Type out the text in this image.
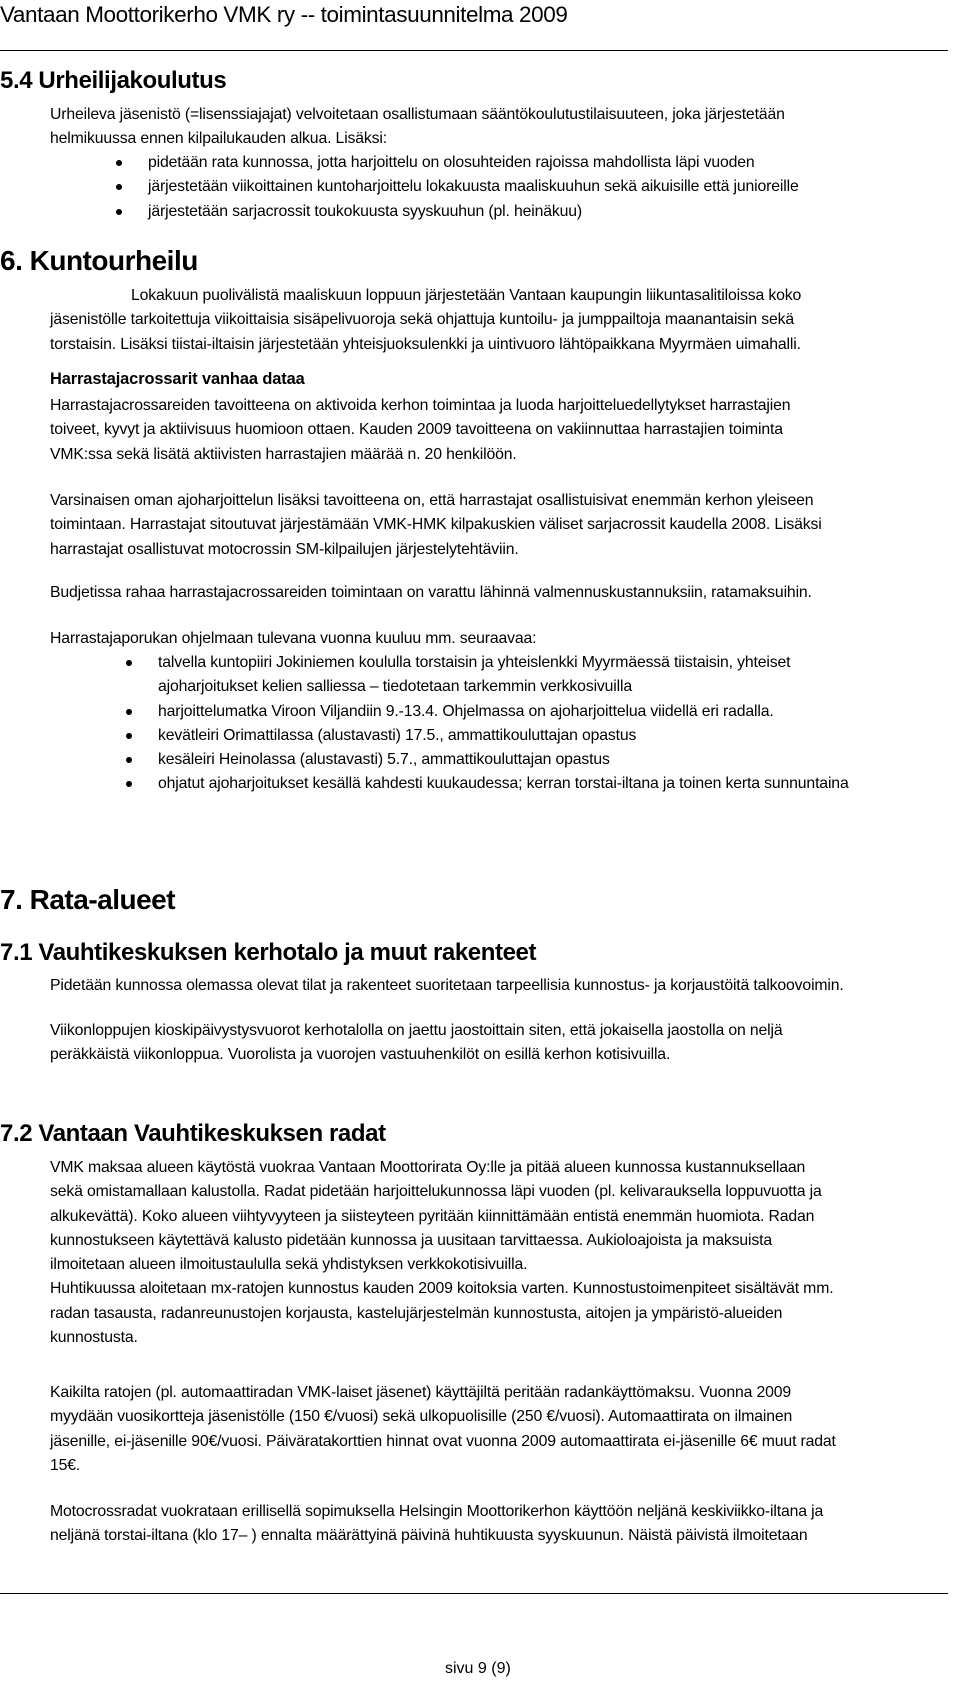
Vantaan Moottorikerho VMK ry -- toimintasuunnitelma 2009
5.4 Urheilijakoulutus
Urheileva jäsenistö (=lisenssiajajat) velvoitetaan osallistumaan sääntökoulutustilaisuuteen, joka järjestetään
helmikuussa ennen kilpailukauden alkua. Lisäksi:
pidetään rata kunnossa, jotta harjoittelu on olosuhteiden rajoissa mahdollista läpi vuoden
järjestetään viikoittainen kuntoharjoittelu lokakuusta maaliskuuhun sekä aikuisille että junioreille
järjestetään sarjacrossit toukokuusta syyskuuhun (pl. heinäkuu)
6. Kuntourheilu
Lokakuun puolivälistä maaliskuun loppuun järjestetään Vantaan kaupungin liikuntasalitiloissa koko
jäsenistölle tarkoitettuja viikoittaisia sisäpelivuoroja sekä ohjattuja kuntoilu- ja jumppailtoja maanantaisin sekä
torstaisin. Lisäksi tiistai-iltaisin järjestetään yhteisjuoksulenkki ja uintivuoro lähtöpaikkana Myyrmäen uimahalli.
Harrastajacrossarit vanhaa dataa
Harrastajacrossareiden tavoitteena on aktivoida kerhon toimintaa ja luoda harjoitteluedellytykset harrastajien
toiveet, kyvyt ja aktiivisuus huomioon ottaen. Kauden 2009 tavoitteena on vakiinnuttaa harrastajien toiminta
VMK:ssa sekä lisätä aktiivisten harrastajien määrää n. 20 henkilöön.
Varsinaisen oman ajoharjoittelun lisäksi tavoitteena on, että harrastajat osallistuisivat enemmän kerhon yleiseen
toimintaan. Harrastajat sitoutuvat järjestämään VMK-HMK kilpakuskien väliset sarjacrossit kaudella 2008. Lisäksi
harrastajat osallistuvat motocrossin SM-kilpailujen järjestelytehtäviin.
Budjetissa rahaa harrastajacrossareiden toimintaan on varattu lähinnä valmennuskustannuksiin, ratamaksuihin.
Harrastajaporukan ohjelmaan tulevana vuonna kuuluu mm. seuraavaa:
talvella kuntopiiri Jokiniemen koululla torstaisin ja yhteislenkki Myyrmäessä tiistaisin, yhteiset
ajoharjoitukset kelien salliessa – tiedotetaan tarkemmin verkkosivuilla
harjoittelumatka Viroon Viljandiin 9.-13.4. Ohjelmassa on ajoharjoittelua viidellä eri radalla.
kevätleiri Orimattilassa (alustavasti) 17.5., ammattikouluttajan opastus
kesäleiri Heinolassa (alustavasti) 5.7., ammattikouluttajan opastus
ohjatut ajoharjoitukset kesällä kahdesti kuukaudessa; kerran torstai-iltana ja toinen kerta sunnuntaina
7. Rata-alueet
7.1 Vauhtikeskuksen kerhotalo ja muut rakenteet
Pidetään kunnossa olemassa olevat tilat ja rakenteet suoritetaan tarpeellisia kunnostus- ja korjaustöitä talkoovoimin.
Viikonloppujen kioskipäivystysvuorot kerhotalolla on jaettu jaostoittain siten, että jokaisella jaostolla on neljä
peräkkäistä viikonloppua. Vuorolista ja vuorojen vastuuhenkilöt on esillä kerhon kotisivuilla.
7.2 Vantaan Vauhtikeskuksen radat
VMK maksaa alueen käytöstä vuokraa Vantaan Moottorirata Oy:lle ja pitää alueen kunnossa kustannuksellaan
sekä omistamallaan kalustolla. Radat pidetään harjoittelukunnossa läpi vuoden (pl. kelivarauksella loppuvuotta ja
alkukevättä). Koko alueen viihtyvyyteen ja siisteyteen pyritään kiinnittämään entistä enemmän huomiota. Radan
kunnostukseen käytettävä kalusto pidetään kunnossa ja uusitaan tarvittaessa. Aukioloajoista ja maksuista
ilmoitetaan alueen ilmoitustaululla sekä yhdistyksen verkkokotisivuilla.
Huhtikuussa aloitetaan mx-ratojen kunnostus kauden 2009 koitoksia varten. Kunnostustoimenpiteet sisältävät mm.
radan tasausta, radanreunustojen korjausta, kastelujärjestelmän kunnostusta, aitojen ja ympäristö-alueiden
kunnostusta.
Kaikilta ratojen (pl. automaattiradan VMK-laiset jäsenet) käyttäjiltä peritään radankäyttömaksu. Vuonna 2009
myydään vuosikortteja jäsenistölle (150 €/vuosi) sekä ulkopuolisille (250 €/vuosi). Automaattirata on ilmainen
jäsenille, ei-jäsenille 90€/vuosi. Päiväratakorttien hinnat ovat vuonna 2009 automaattirata ei-jäsenille 6€ muut radat
15€.
Motocrossradat vuokrataan erillisellä sopimuksella Helsingin Moottorikerhon käyttöön neljänä keskiviikko-iltana ja
neljänä torstai-iltana (klo 17– ) ennalta määrättyinä päivinä huhtikuusta syyskuunun. Näistä päivistä ilmoitetaan
sivu 9 (9)
